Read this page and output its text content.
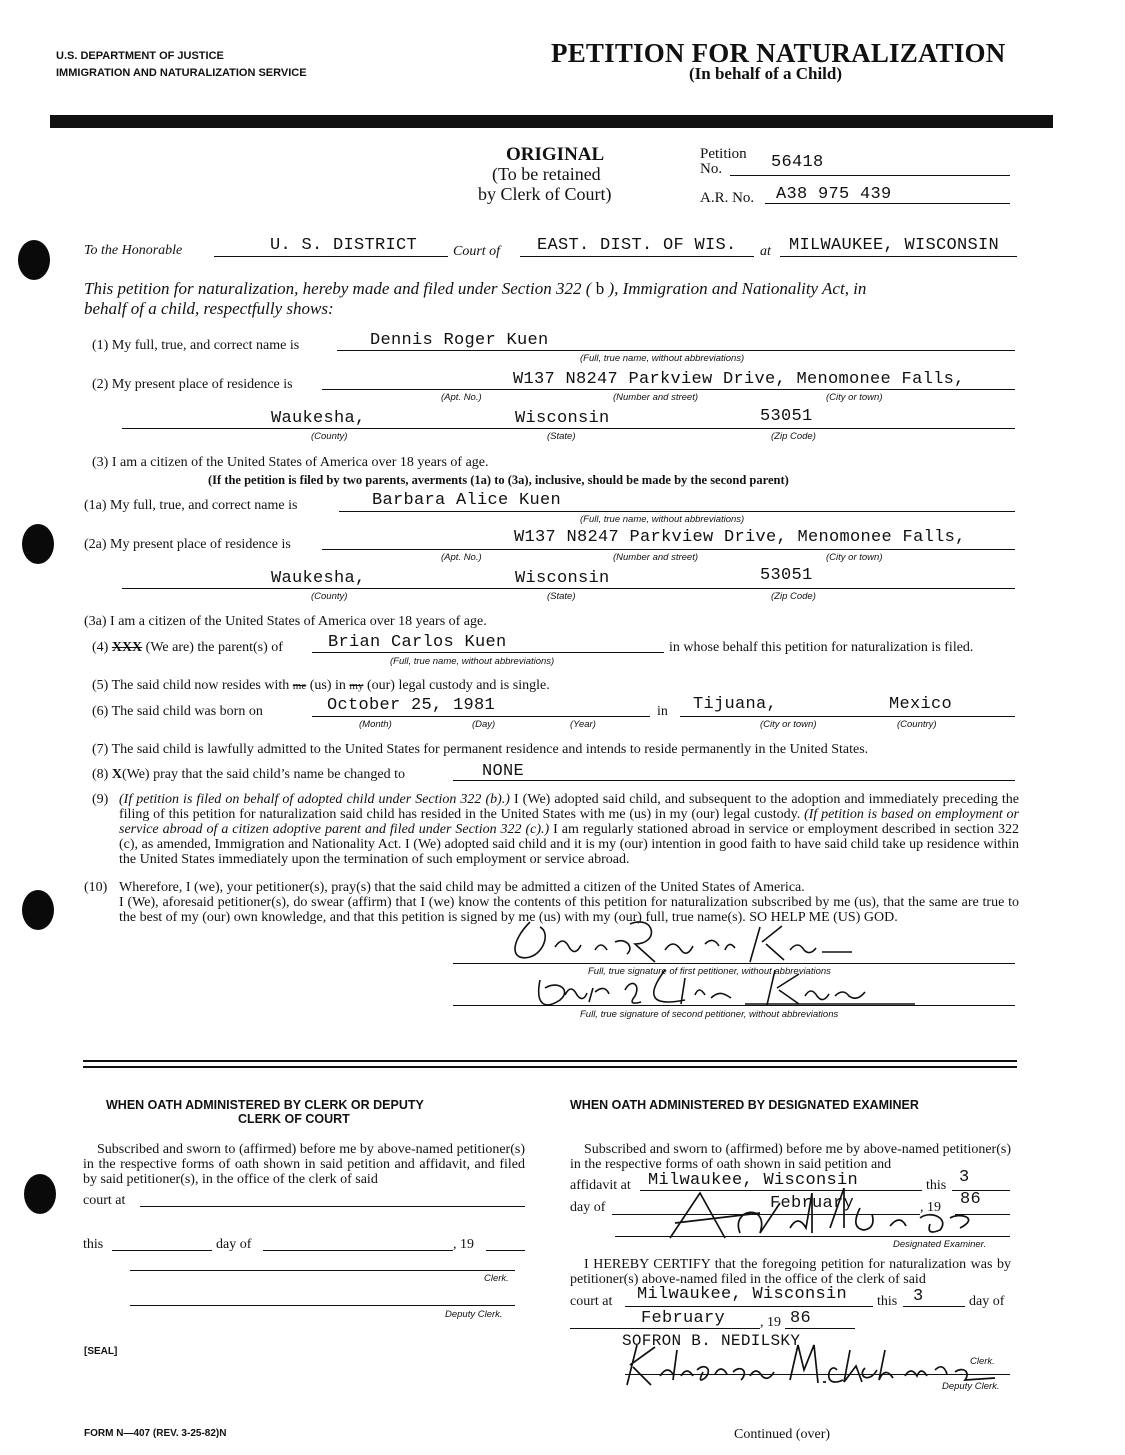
U.S. DEPARTMENT OF JUSTICE
IMMIGRATION AND NATURALIZATION SERVICE
PETITION FOR NATURALIZATION
(In behalf of a Child)
ORIGINAL
(To be retained
by Clerk of Court)
Petition
No.	56418
A.R. No. A38 975 439
To the Honorable	U. S. DISTRICT	Court of EAST. DIST. OF WIS. at MILWAUKEE, WISCONSIN
This petition for naturalization, hereby made and filed under Section 322 ( b ), Immigration and Nationality Act, in
behalf of a child, respectfully shows:
(1) My full, true, and correct name is	Dennis Roger Kuen
(Full, true name, without abbreviations)
(2) My present place of residence is	W137 N8247 Parkview Drive, Menomonee Falls,
(Apt. No.)	(Number and street)	(City or town)
Waukesha,	Wisconsin	53051
(County)	(State)	(Zip Code)
(3) I am a citizen of the United States of America over 18 years of age.
(If the petition is filed by two parents, averments (1a) to (3a), inclusive, should be made by the second parent)
(1a) My full, true, and correct name is	Barbara Alice Kuen
(Full, true name, without abbreviations)
(2a) My present place of residence is	W137 N8247 Parkview Drive, Menomonee Falls,
(Apt. No.)	(Number and street)	(City or town)
Waukesha,	Wisconsin	53051
(County)	(State)	(Zip Code)
(3a) I am a citizen of the United States of America over 18 years of age.
(4) XXX (We are) the parent(s) of	Brian Carlos Kuen
(Full, true name, without abbreviations)
in whose behalf this petition for naturalization is filed.
(5) The said child now resides with me (us) in my (our) legal custody and is single.
(6) The said child was born on	October 25, 1981
(Month)	(Day)	(Year)
in Tijuana,	Mexico
(City or town)	(Country)
(7) The said child is lawfully admitted to the United States for permanent residence and intends to reside permanently in the United States.
(8) X(We) pray that the said child’s name be changed to	NONE
(9) (If petition is filed on behalf of adopted child under Section 322 (b).) I (We) adopted said child, and subsequent to the adoption and immediately preceding the filing of this petition for naturalization said child has resided in the United States with me (us) in my (our) legal custody. (If petition is based on employment or service abroad of a citizen adoptive parent and filed under Section 322 (c).) I am regularly stationed abroad in service or employment described in section 322 (c), as amended, Immigration and Nationality Act. I (We) adopted said child and it is my (our) intention in good faith to have said child take up residence within the United States immediately upon the termination of such employment or service abroad.
(10) Wherefore, I (we), your petitioner(s), pray(s) that the said child may be admitted a citizen of the United States of America.
I (We), aforesaid petitioner(s), do swear (affirm) that I (we) know the contents of this petition for naturalization subscribed by me (us), that the same are true to the best of my (our) own knowledge, and that this petition is signed by me (us) with my (our) full, true name(s). SO HELP ME (US) GOD.
Full, true signature of first petitioner, without abbreviations
Full, true signature of second petitioner, without abbreviations
WHEN OATH ADMINISTERED BY CLERK OR DEPUTY
CLERK OF COURT
Subscribed and sworn to (affirmed) before me by above-named petitioner(s) in the respective forms of oath shown in said petition and affidavit, and filed by said petitioner(s), in the office of the clerk of said
court at
this	day of	, 19
Clerk.
Deputy Clerk.
[SEAL]
WHEN OATH ADMINISTERED BY DESIGNATED EXAMINER
Subscribed and sworn to (affirmed) before me by above-named petitioner(s) in the respective forms of oath shown in said petition and
affidavit at Milwaukee, Wisconsin	this 3
day of	February	, 19 86
Designated Examiner.
I HEREBY CERTIFY that the foregoing petition for naturalization was by petitioner(s) above-named filed in the office of the clerk of said
court at Milwaukee, Wisconsin this 3	day of
February , 19 86
SOFRON B. NEDILSKY
Clerk.
Deputy Clerk.
FORM N—407 (REV. 3-25-82)N	Continued (over)
